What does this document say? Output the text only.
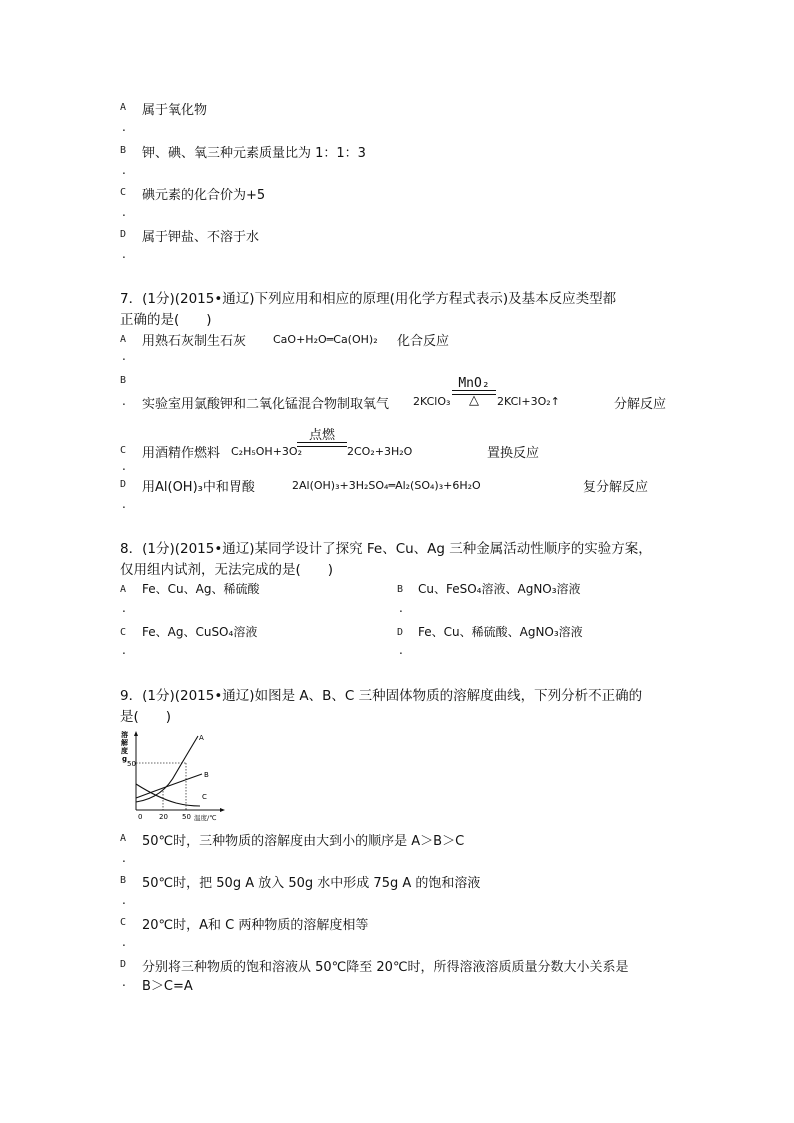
A 属于氧化物
.
B 钾、碘、氧三种元素质量比为 1：1：3
.
C 碘元素的化合价为+5
.
D 属于钾盐、不溶于水
.
7．(1分)(2015•通辽)下列应用和相应的原理(用化学方程式表示)及基本反应类型都
正确的是(　　)
A 用熟石灰制生石灰 CaO+H₂O═Ca(OH)₂ 化合反应
.
B
. 实验室用氯酸钾和二氧化锰混合物制取氧气 2KClO₃
MnO₂
△	2KCl+3O₂↑	分解反应
C 用酒精作燃料 C₂H₅OH+3O₂
点燃
2CO₂+3H₂O	置换反应
.
D 用Al(OH)₃中和胃酸	2Al(OH)₃+3H₂SO₄═Al₂(SO₄)₃+6H₂O	复分解反应
.
8．(1分)(2015•通辽)某同学设计了探究 Fe、Cu、Ag 三种金属活动性顺序的实验方案，
仅用组内试剂，无法完成的是(　　)
A Fe、Cu、Ag、稀硫酸
.
B Cu、FeSO₄溶液、AgNO₃溶液
.
C Fe、Ag、CuSO₄溶液
.
D Fe、Cu、稀硫酸、AgNO₃溶液
.
9．(1分)(2015•通辽)如图是 A、B、C 三种固体物质的溶解度曲线，下列分析不正确的
是(　　)
溶
解
度
g
50
A
B
C
0 20 50 温度/℃
A 50℃时，三种物质的溶解度由大到小的顺序是 A＞B＞C
.
B 50℃时，把 50g A 放入 50g 水中形成 75g A 的饱和溶液
.
C 20℃时，A和 C 两种物质的溶解度相等
.
D 分别将三种物质的饱和溶液从 50℃降至 20℃时，所得溶液溶质质量分数大小关系是
. B＞C=A
